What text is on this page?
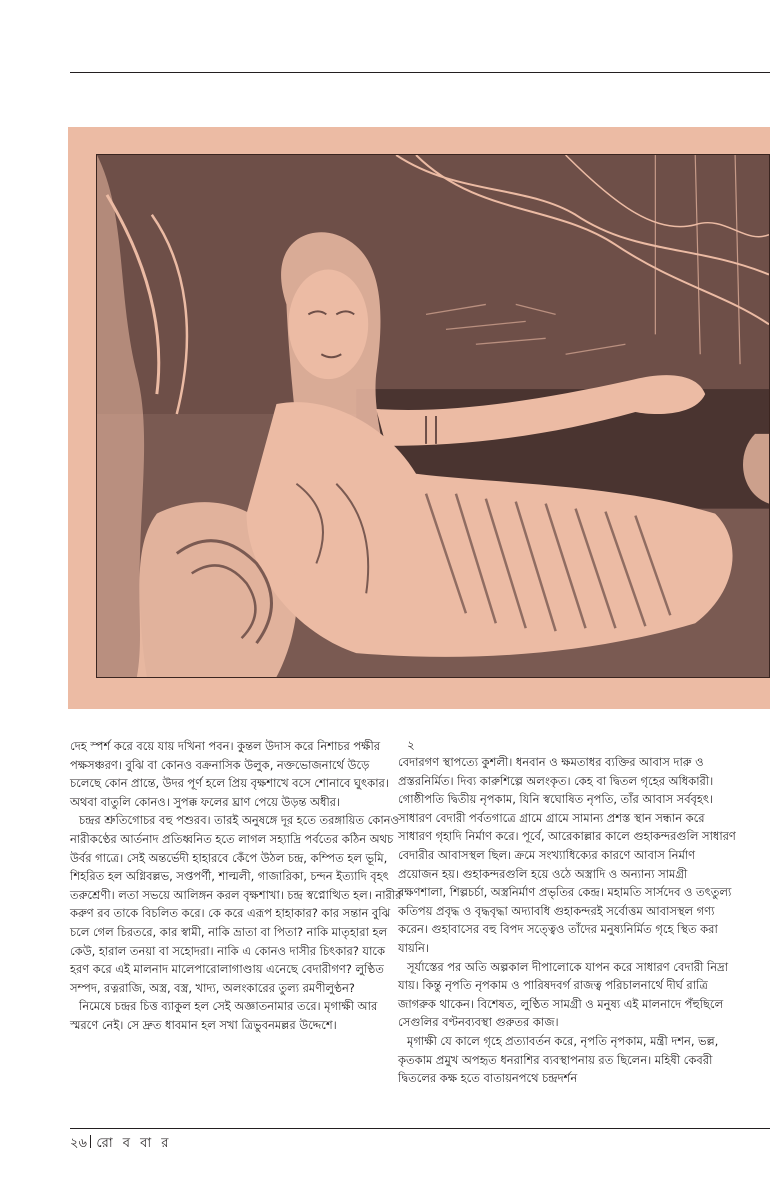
দেহ স্পর্শ করে বয়ে যায় দখিনা পবন। কুন্তল উদাস করে নিশাচর পক্ষীর পক্ষসঞ্চরণ। বুঝি বা কোনও বক্রনাসিক উলুক, নক্তভোজনার্থে উড়ে চলেছে কোন প্রান্তে, উদর পূর্ণ হলে প্রিয় বৃক্ষশাখে বসে শোনাবে ঘুৎকার। অথবা বাতুলি কোনও। সুপক্ক ফলের ঘ্রাণ পেয়ে উড়ন্ত অধীর।

চন্দ্রর শ্রুতিগোচর বহু পশুরব। তারই অনুষঙ্গে দূর হতে তরঙ্গায়িত কোনও নারীকণ্ঠের আর্তনাদ প্রতিধ্বনিত হতে লাগল সহ্যাদ্রি পর্বতের কঠিন অথচ উর্বর গাত্রে। সেই অন্তর্ভেদী হাহারবে কেঁপে উঠল চন্দ্র, কম্পিত হল ভূমি, শিহরিত হল অগ্নিবল্লভ, সপ্তপর্ণী, শাল্মলী, গাজারিকা, চন্দন ইত্যাদি বৃহৎ তরুশ্রেণী। লতা সভয়ে আলিঙ্গন করল বৃক্ষশাখা। চন্দ্র স্বপ্নোত্থিত হল। নারীর করুণ রব তাকে বিচলিত করে। কে করে এরূপ হাহাকার? কার সন্তান বুঝি চলে গেল চিরতরে, কার স্বামী, নাকি ভ্রাতা বা পিতা? নাকি মাতৃহারা হল কেউ, হারাল তনয়া বা সহোদরা। নাকি এ কোনও দাসীর চিৎকার? যাকে হরণ করে এই মালনাদ মালেপারোলাগাণ্ডায় এনেছে বেদারীগণ? লুণ্ঠিত সম্পদ, রত্নরাজি, অস্ত্র, বস্ত্র, খাদ্য, অলংকারের তুল্য রমণীলুণ্ঠন?

নিমেষে চন্দ্রর চিত্ত ব্যাকুল হল সেই অজ্ঞাতনামার তরে। মৃগাক্ষী আর স্মরণে নেই। সে দ্রুত ধাবমান হল সখা ত্রিভুবনমল্লর উদ্দেশে।

২

বেদারগণ স্থাপত্যে কুশলী। ধনবান ও ক্ষমতাধর ব্যক্তির আবাস দারু ও প্রস্তরনির্মিত। দিব্য কারুশিল্পে অলংকৃত। কেহ বা দ্বিতল গৃহের অধিকারী। গোষ্ঠীপতি দ্বিতীয় নৃপকাম, যিনি স্বঘোষিত নৃপতি, তাঁর আবাস সর্ববৃহৎ। সাধারণ বেদারী পর্বতগাত্রে গ্রামে গ্রামে সামান্য প্রশস্ত স্থান সন্ধান করে সাধারণ গৃহাদি নির্মাণ করে। পূর্বে, আরেকাল্লার কালে গুহাকন্দরগুলি সাধারণ বেদারীর আবাসস্থল ছিল। ক্রমে সংখ্যাধিক্যের কারণে আবাস নির্মাণ প্রয়োজন হয়। গুহাকন্দরগুলি হয়ে ওঠে অস্ত্রাদি ও অন্যান্য সামগ্রী রক্ষণশালা, শিল্পচর্চা, অস্ত্রনির্মাণ প্রভৃতির কেন্দ্র। মহামতি সার্সদেব ও তৎতুল্য কতিপয় প্রবৃদ্ধ ও বৃদ্ধবৃদ্ধা অদ্যাবধি গুহাকন্দরই সর্বোত্তম আবাসস্থল গণ্য করেন। গুহাবাসের বহু বিপদ সত্ত্বেও তাঁদের মনুষ্যনির্মিত গৃহে স্থিত করা যায়নি।

সূর্যাস্তের পর অতি অল্পকাল দীপালোকে যাপন করে সাধারণ বেদারী নিদ্রা যায়। কিন্তু নৃপতি নৃপকাম ও পারিষদবর্গ রাজত্ব পরিচালনার্থে দীর্ঘ রাত্রি জাগরুক থাকেন। বিশেষত, লুণ্ঠিত সামগ্রী ও মনুষ্য এই মালনাদে পঁহুছিলে সেগুলির বণ্টনব্যবস্থা গুরুতর কাজ।

মৃগাক্ষী যে কালে গৃহে প্রত্যাবর্তন করে, নৃপতি নৃপকাম, মন্ত্রী দশন, ভল্ল, কৃতকাম প্রমুখ অপহৃত ধনরাশির ব্যবস্থাপনায় রত ছিলেন। মহিষী কেবরী দ্বিতলের কক্ষ হতে বাতায়নপথে চন্দ্রদর্শন

২৬ রো ব বা র
